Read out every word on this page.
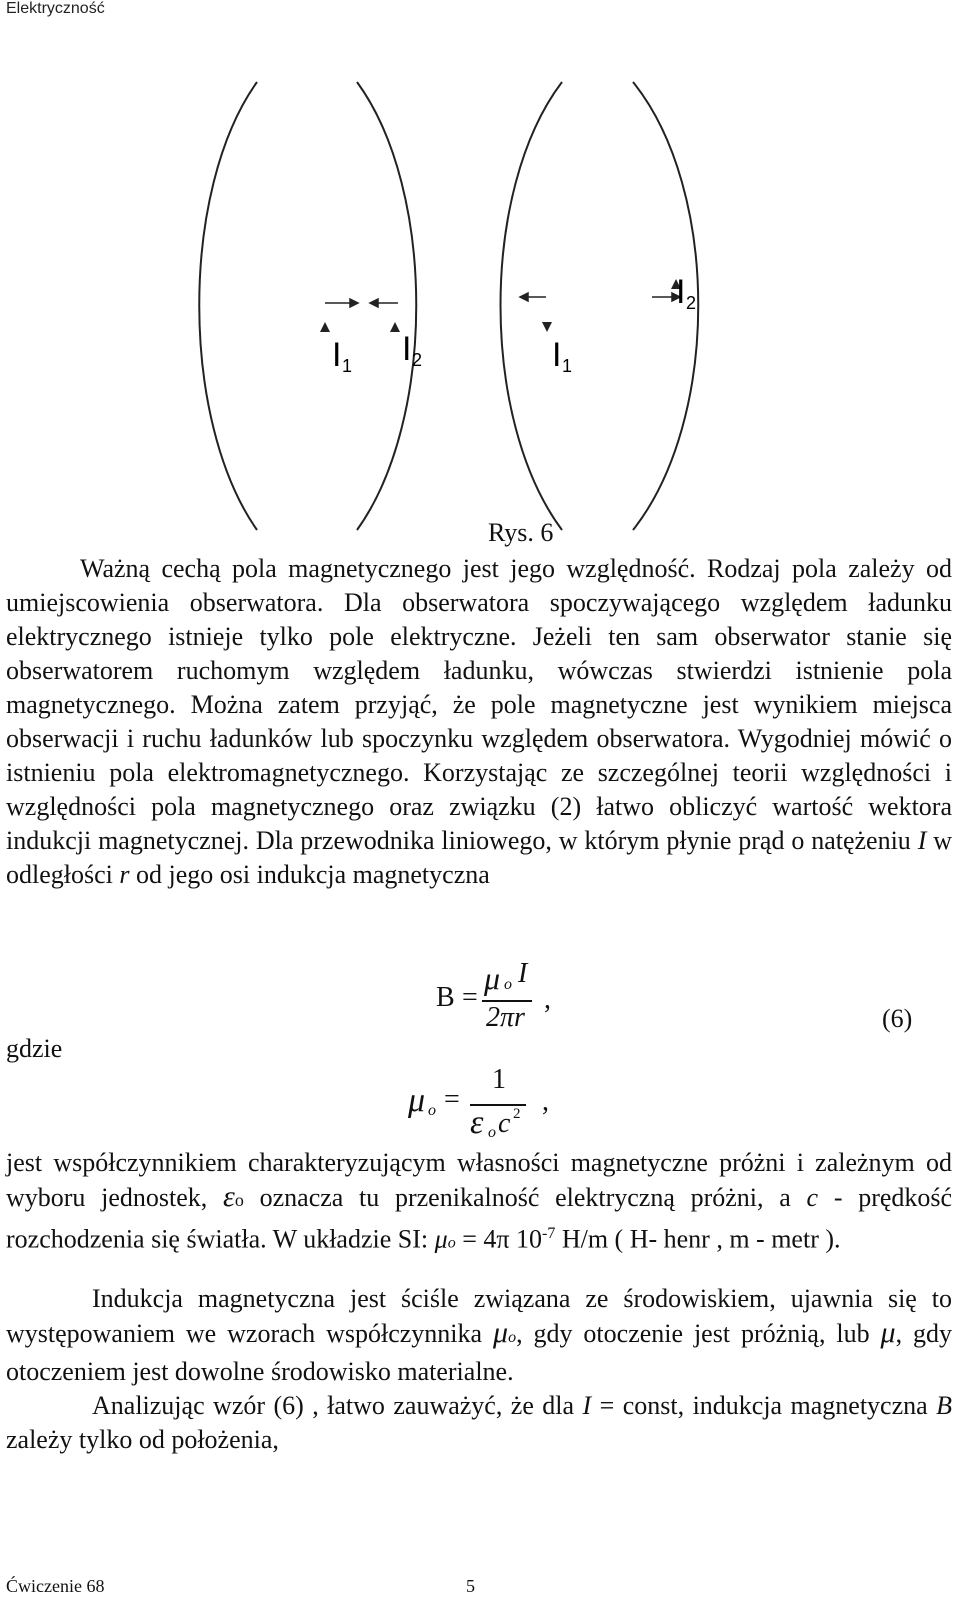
Elektryczność
I 1 I 2	I 1
I 2
Rys. 6

Ważną cechą pola magnetycznego jest jego względność. Rodzaj pola zależy od umiejscowienia obserwatora. Dla obserwatora spoczywającego względem ładunku elektrycznego istnieje tylko pole elektryczne. Jeżeli ten sam obserwator stanie się obserwatorem ruchomym względem ładunku, wówczas stwierdzi istnienie pola magnetycznego. Można zatem przyjąć, że pole magnetyczne jest wynikiem miejsca obserwacji i ruchu ładunków lub spoczynku względem obserwatora. Wygodniej mówić o istnieniu pola elektromagnetycznego. Korzystając ze szczególnej teorii względności i względności pola magnetycznego oraz związku (2) łatwo obliczyć wartość wektora indukcji magnetycznej. Dla przewodnika liniowego, w którym płynie prąd o natężeniu I w odległości r od jego osi indukcja magnetyczna

B =
μ o I
2πr
,
(6)
gdzie
μ o =
1
ε o c 2 ,

jest współczynnikiem charakteryzującym własności magnetyczne próżni i zależnym od wyboru jednostek, εo oznacza tu przenikalność elektryczną próżni, a c - prędkość rozchodzenia się światła. W układzie SI: μo = 4π $10^{-7}$ H/m ( H- henr , m - metr ).

Indukcja magnetyczna jest ściśle związana ze środowiskiem, ujawnia się to występowaniem we wzorach współczynnika μo, gdy otoczenie jest próżnią, lub μ, gdy otoczeniem jest dowolne środowisko materialne.

Analizując wzór (6) , łatwo zauważyć, że dla I = const, indukcja magnetyczna B zależy tylko od położenia,

Ćwiczenie 68	5
